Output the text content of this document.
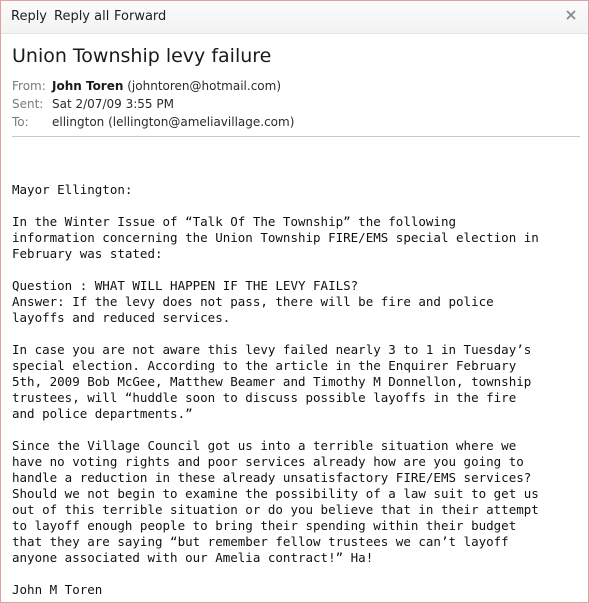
Reply Reply all Forward
Union Township levy failure
From: John Toren (johntoren@hotmail.com)
Sent: Sat 2/07/09 3:55 PM
To: ellington (lellington@ameliavillage.com)
Mayor Ellington:
In the Winter Issue of “Talk Of The Township” the following
information concerning the Union Township FIRE/EMS special election in
February was stated:
Question : WHAT WILL HAPPEN IF THE LEVY FAILS?
Answer: If the levy does not pass, there will be fire and police
layoffs and reduced services.
In case you are not aware this levy failed nearly 3 to 1 in Tuesday’s
special election. According to the article in the Enquirer February
5th, 2009 Bob McGee, Matthew Beamer and Timothy M Donnellon, township
trustees, will “huddle soon to discuss possible layoffs in the fire
and police departments.”
Since the Village Council got us into a terrible situation where we
have no voting rights and poor services already how are you going to
handle a reduction in these already unsatisfactory FIRE/EMS services?
Should we not begin to examine the possibility of a law suit to get us
out of this terrible situation or do you believe that in their attempt
to layoff enough people to bring their spending within their budget
that they are saying “but remember fellow trustees we can’t layoff
anyone associated with our Amelia contract!” Ha!
John M Toren
